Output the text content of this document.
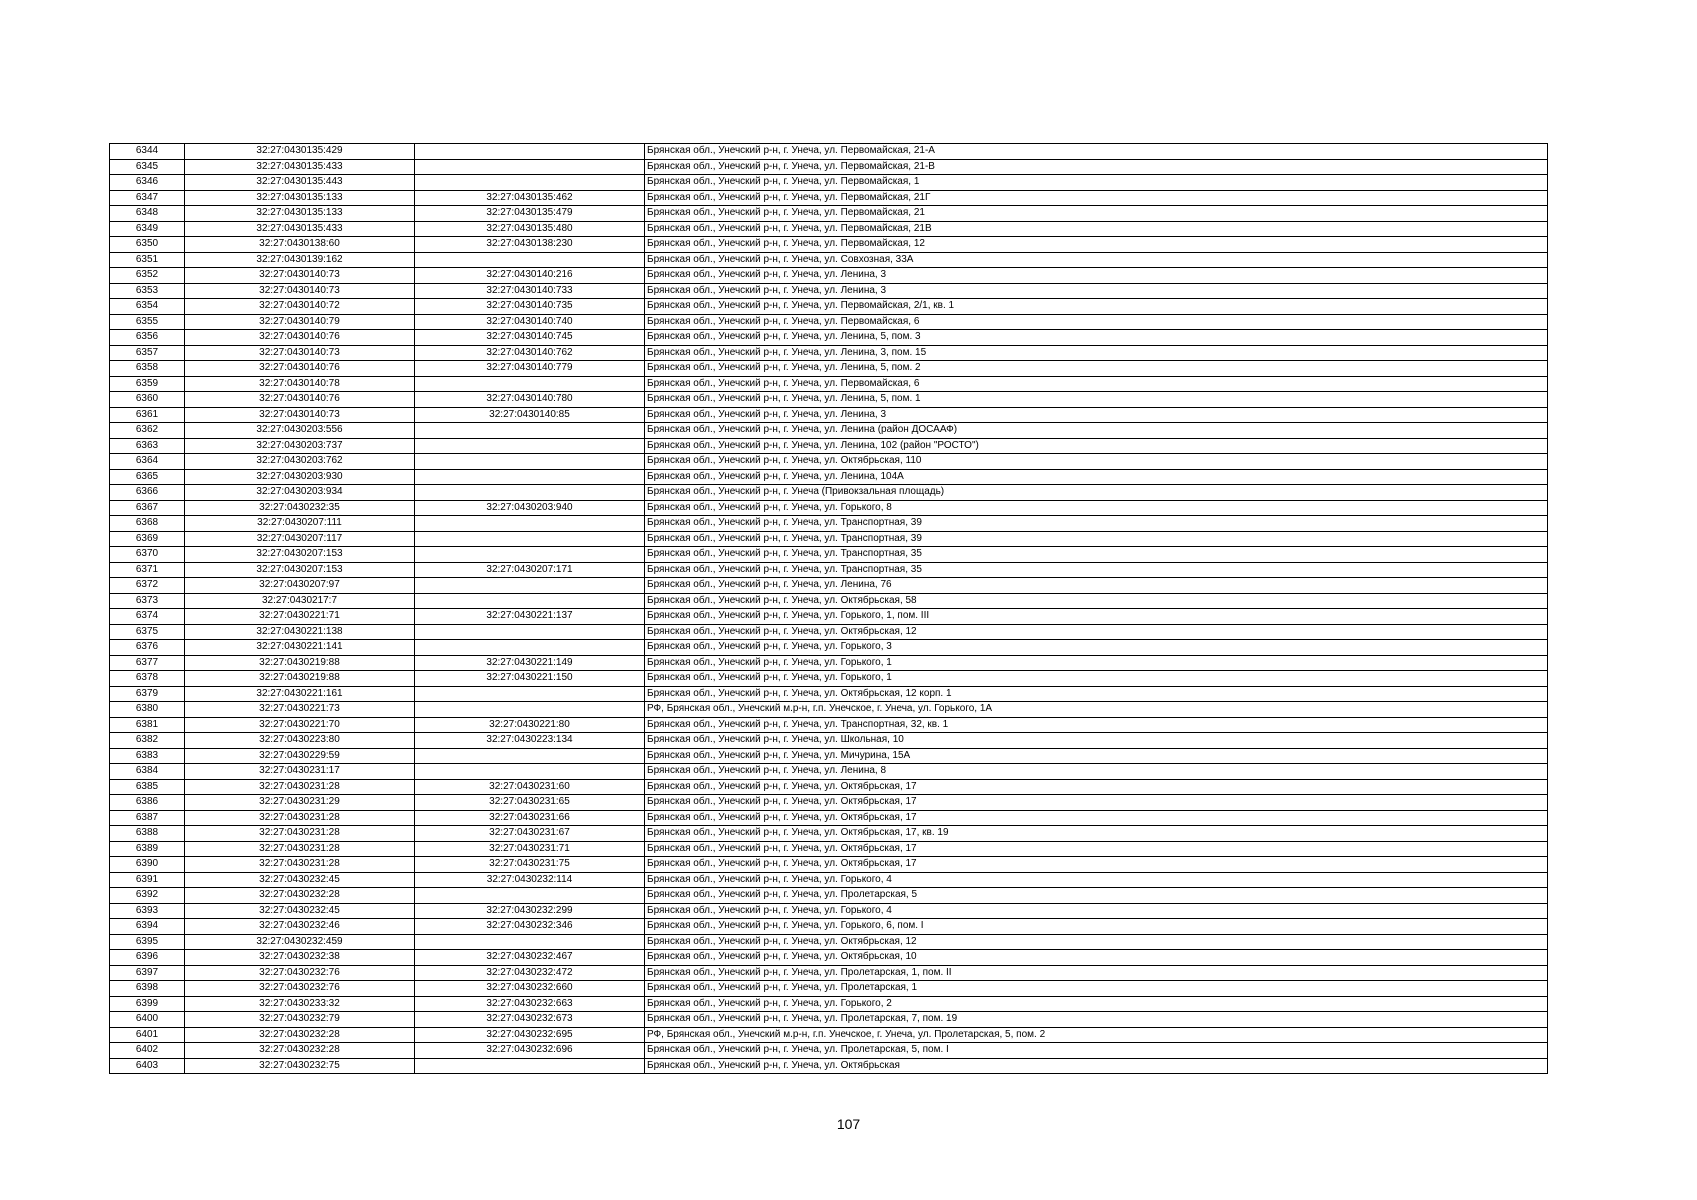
6344	32:27:0430135:429		Брянская обл., Унечский р-н, г. Унеча, ул. Первомайская, 21-А
6345	32:27:0430135:433		Брянская обл., Унечский р-н, г. Унеча, ул. Первомайская, 21-В
6346	32:27:0430135:443		Брянская обл., Унечский р-н, г. Унеча, ул. Первомайская, 1
6347	32:27:0430135:133	32:27:0430135:462	Брянская обл., Унечский р-н, г. Унеча, ул. Первомайская, 21Г
6348	32:27:0430135:133	32:27:0430135:479	Брянская обл., Унечский р-н, г. Унеча, ул. Первомайская, 21
6349	32:27:0430135:433	32:27:0430135:480	Брянская обл., Унечский р-н, г. Унеча, ул. Первомайская, 21В
6350	32:27:0430138:60	32:27:0430138:230	Брянская обл., Унечский р-н, г. Унеча, ул. Первомайская, 12
6351	32:27:0430139:162		Брянская обл., Унечский р-н, г. Унеча, ул. Совхозная, 33А
6352	32:27:0430140:73	32:27:0430140:216	Брянская обл., Унечский р-н, г. Унеча, ул. Ленина, 3
6353	32:27:0430140:73	32:27:0430140:733	Брянская обл., Унечский р-н, г. Унеча, ул. Ленина, 3
6354	32:27:0430140:72	32:27:0430140:735	Брянская обл., Унечский р-н, г. Унеча, ул. Первомайская, 2/1, кв. 1
6355	32:27:0430140:79	32:27:0430140:740	Брянская обл., Унечский р-н, г. Унеча, ул. Первомайская, 6
6356	32:27:0430140:76	32:27:0430140:745	Брянская обл., Унечский р-н, г. Унеча, ул. Ленина, 5, пом. 3
6357	32:27:0430140:73	32:27:0430140:762	Брянская обл., Унечский р-н, г. Унеча, ул. Ленина, 3, пом. 15
6358	32:27:0430140:76	32:27:0430140:779	Брянская обл., Унечский р-н, г. Унеча, ул. Ленина, 5, пом. 2
6359	32:27:0430140:78		Брянская обл., Унечский р-н, г. Унеча, ул. Первомайская, 6
6360	32:27:0430140:76	32:27:0430140:780	Брянская обл., Унечский р-н, г. Унеча, ул. Ленина, 5, пом. 1
6361	32:27:0430140:73	32:27:0430140:85	Брянская обл., Унечский р-н, г. Унеча, ул. Ленина, 3
6362	32:27:0430203:556		Брянская обл., Унечский р-н, г. Унеча, ул. Ленина (район ДОСААФ)
6363	32:27:0430203:737		Брянская обл., Унечский р-н, г. Унеча, ул. Ленина, 102 (район "РОСТО")
6364	32:27:0430203:762		Брянская обл., Унечский р-н, г. Унеча, ул. Октябрьская, 110
6365	32:27:0430203:930		Брянская обл., Унечский р-н, г. Унеча, ул. Ленина, 104А
6366	32:27:0430203:934		Брянская обл., Унечский р-н, г. Унеча (Привокзальная площадь)
6367	32:27:0430232:35	32:27:0430203:940	Брянская обл., Унечский р-н, г. Унеча, ул. Горького, 8
6368	32:27:0430207:111		Брянская обл., Унечский р-н, г. Унеча, ул. Транспортная, 39
6369	32:27:0430207:117		Брянская обл., Унечский р-н, г. Унеча, ул. Транспортная, 39
6370	32:27:0430207:153		Брянская обл., Унечский р-н, г. Унеча, ул. Транспортная, 35
6371	32:27:0430207:153	32:27:0430207:171	Брянская обл., Унечский р-н, г. Унеча, ул. Транспортная, 35
6372	32:27:0430207:97		Брянская обл., Унечский р-н, г. Унеча, ул. Ленина, 76
6373	32:27:0430217:7		Брянская обл., Унечский р-н, г. Унеча, ул. Октябрьская, 58
6374	32:27:0430221:71	32:27:0430221:137	Брянская обл., Унечский р-н, г. Унеча, ул. Горького, 1, пом. III
6375	32:27:0430221:138		Брянская обл., Унечский р-н, г. Унеча, ул. Октябрьская, 12
6376	32:27:0430221:141		Брянская обл., Унечский р-н, г. Унеча, ул. Горького, 3
6377	32:27:0430219:88	32:27:0430221:149	Брянская обл., Унечский р-н, г. Унеча, ул. Горького, 1
6378	32:27:0430219:88	32:27:0430221:150	Брянская обл., Унечский р-н, г. Унеча, ул. Горького, 1
6379	32:27:0430221:161		Брянская обл., Унечский р-н, г. Унеча, ул. Октябрьская, 12 корп. 1
6380	32:27:0430221:73		РФ, Брянская обл., Унечский м.р-н, г.п. Унечское, г. Унеча, ул. Горького, 1А
6381	32:27:0430221:70	32:27:0430221:80	Брянская обл., Унечский р-н, г. Унеча, ул. Транспортная, 32, кв. 1
6382	32:27:0430223:80	32:27:0430223:134	Брянская обл., Унечский р-н, г. Унеча, ул. Школьная, 10
6383	32:27:0430229:59		Брянская обл., Унечский р-н, г. Унеча, ул. Мичурина, 15А
6384	32:27:0430231:17		Брянская обл., Унечский р-н, г. Унеча, ул. Ленина, 8
6385	32:27:0430231:28	32:27:0430231:60	Брянская обл., Унечский р-н, г. Унеча, ул. Октябрьская, 17
6386	32:27:0430231:29	32:27:0430231:65	Брянская обл., Унечский р-н, г. Унеча, ул. Октябрьская, 17
6387	32:27:0430231:28	32:27:0430231:66	Брянская обл., Унечский р-н, г. Унеча, ул. Октябрьская, 17
6388	32:27:0430231:28	32:27:0430231:67	Брянская обл., Унечский р-н, г. Унеча, ул. Октябрьская, 17, кв. 19
6389	32:27:0430231:28	32:27:0430231:71	Брянская обл., Унечский р-н, г. Унеча, ул. Октябрьская, 17
6390	32:27:0430231:28	32:27:0430231:75	Брянская обл., Унечский р-н, г. Унеча, ул. Октябрьская, 17
6391	32:27:0430232:45	32:27:0430232:114	Брянская обл., Унечский р-н, г. Унеча, ул. Горького, 4
6392	32:27:0430232:28		Брянская обл., Унечский р-н, г. Унеча, ул. Пролетарская, 5
6393	32:27:0430232:45	32:27:0430232:299	Брянская обл., Унечский р-н, г. Унеча, ул. Горького, 4
6394	32:27:0430232:46	32:27:0430232:346	Брянская обл., Унечский р-н, г. Унеча, ул. Горького, 6, пом. I
6395	32:27:0430232:459		Брянская обл., Унечский р-н, г. Унеча, ул. Октябрьская, 12
6396	32:27:0430232:38	32:27:0430232:467	Брянская обл., Унечский р-н, г. Унеча, ул. Октябрьская, 10
6397	32:27:0430232:76	32:27:0430232:472	Брянская обл., Унечский р-н, г. Унеча, ул. Пролетарская, 1, пом. II
6398	32:27:0430232:76	32:27:0430232:660	Брянская обл., Унечский р-н, г. Унеча, ул. Пролетарская, 1
6399	32:27:0430233:32	32:27:0430232:663	Брянская обл., Унечский р-н, г. Унеча, ул. Горького, 2
6400	32:27:0430232:79	32:27:0430232:673	Брянская обл., Унечский р-н, г. Унеча, ул. Пролетарская, 7, пом. 19
6401	32:27:0430232:28	32:27:0430232:695	РФ, Брянская обл., Унечский м.р-н, г.п. Унечское, г. Унеча, ул. Пролетарская, 5, пом. 2
6402	32:27:0430232:28	32:27:0430232:696	Брянская обл., Унечский р-н, г. Унеча, ул. Пролетарская, 5, пом. I
6403	32:27:0430232:75		Брянская обл., Унечский р-н, г. Унеча, ул. Октябрьская
107
